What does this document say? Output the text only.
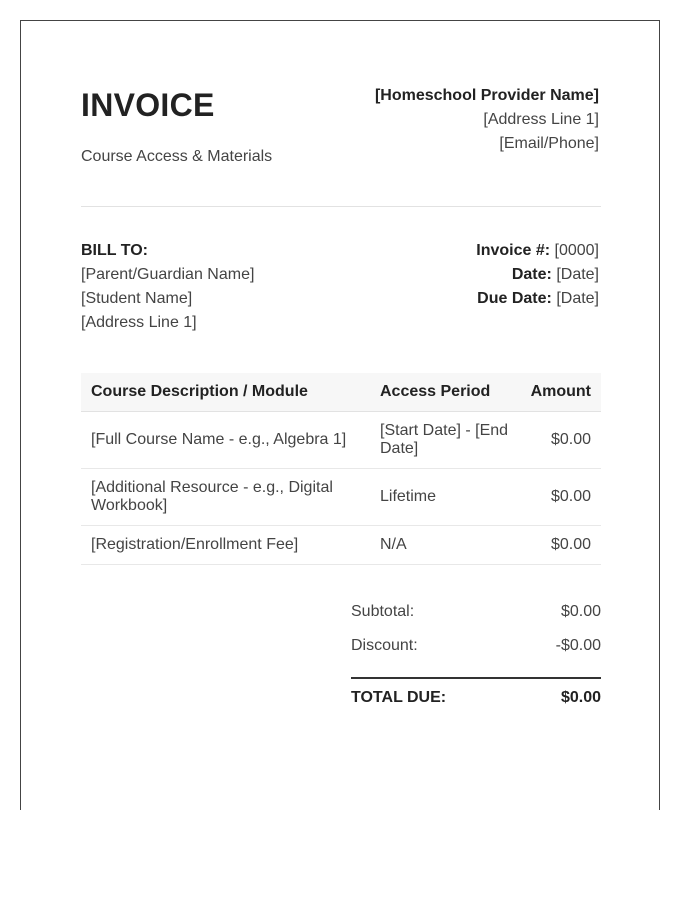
INVOICE
Course Access & Materials
[Homeschool Provider Name]
[Address Line 1]
[Email/Phone]
BILL TO:
[Parent/Guardian Name]
[Student Name]
[Address Line 1]
Invoice #: [0000]
Date: [Date]
Due Date: [Date]
Course Description / Module	Access Period	Amount
[Full Course Name - e.g., Algebra 1]	[Start Date] - [End Date]	$0.00
[Additional Resource - e.g., Digital Workbook]	Lifetime	$0.00
[Registration/Enrollment Fee]	N/A	$0.00
Subtotal:	$0.00
Discount:	-$0.00
TOTAL DUE:	$0.00
